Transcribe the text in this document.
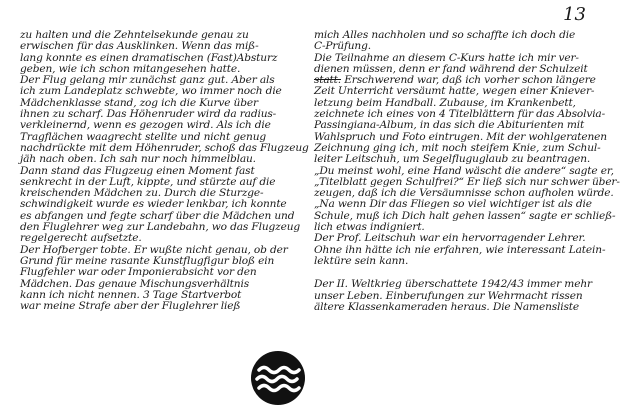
13
zu halten und die Zehntelsekunde genau zu
erwischen für das Ausklinken. Wenn das miß-
lang konnte es einen dramatischen (Fast)Absturz
geben, wie ich schon mitangesehen hatte.
Der Flug gelang mir zunächst ganz gut. Aber als
ich zum Landeplatz schwebte, wo immer noch die
Mädchenklasse stand, zog ich die Kurve über
ihnen zu scharf. Das Höhenruder wird da radius-
verkleinernd, wenn es gezogen wird. Als ich die
Tragflächen waagrecht stellte und nicht genug
nachdrückte mit dem Höhenruder, schoß das Flugzeug
jäh nach oben. Ich sah nur noch himmelblau.
Dann stand das Flugzeug einen Moment fast
senkrecht in der Luft, kippte, und stürzte auf die
kreischenden Mädchen zu. Durch die Sturzge-
schwindigkeit wurde es wieder lenkbar, ich konnte
es abfangen und fegte scharf über die Mädchen und
den Fluglehrer weg zur Landebahn, wo das Flugzeug
regelgerecht aufsetzte.
Der Hofberger tobte. Er wußte nicht genau, ob der
Grund für meine rasante Kunstflugfigur bloß ein
Flugfehler war oder Imponierabsicht vor den
Mädchen. Das genaue Mischungsverhältnis
kann ich nicht nennen. 3 Tage Startverbot
war meine Strafe aber der Fluglehrer ließ
mich Alles nachholen und so schaffte ich doch die
C-Prüfung.
Die Teilnahme an diesem C-Kurs hatte ich mir ver-
dienen müssen, denn er fand während der Schulzeit
statt. Erschwerend war, daß ich vorher schon längere
Zeit Unterricht versäumt hatte, wegen einer Kniever-
letzung beim Handball. Zubause, im Krankenbett,
zeichnete ich eines von 4 Titelblättern für das Absolvia-
Passingiana-Album, in das sich die Abiturienten mit
Wahlspruch und Foto eintrugen. Mit der wohlgeratenen
Zeichnung ging ich, mit noch steifem Knie, zum Schul-
leiter Leitschuh, um Segelfluguglaub zu beantragen.
„Du meinst wohl, eine Hand wäscht die andere“ sagte er,
„Titelblatt gegen Schulfrei?“ Er ließ sich nur schwer über-
zeugen, daß ich die Versäumnisse schon aufholen würde.
„Na wenn Dir das Fliegen so viel wichtiger ist als die
Schule, muß ich Dich halt gehen lassen“ sagte er schließ-
lich etwas indigniert.
Der Prof. Leitschuh war ein hervorragender Lehrer.
Ohne ihn hätte ich nie erfahren, wie interessant Latein-
lektüre sein kann.
Der II. Weltkrieg überschattete 1942/43 immer mehr
unser Leben. Einberufungen zur Wehrmacht rissen
ältere Klassenkameraden heraus. Die Namensliste
